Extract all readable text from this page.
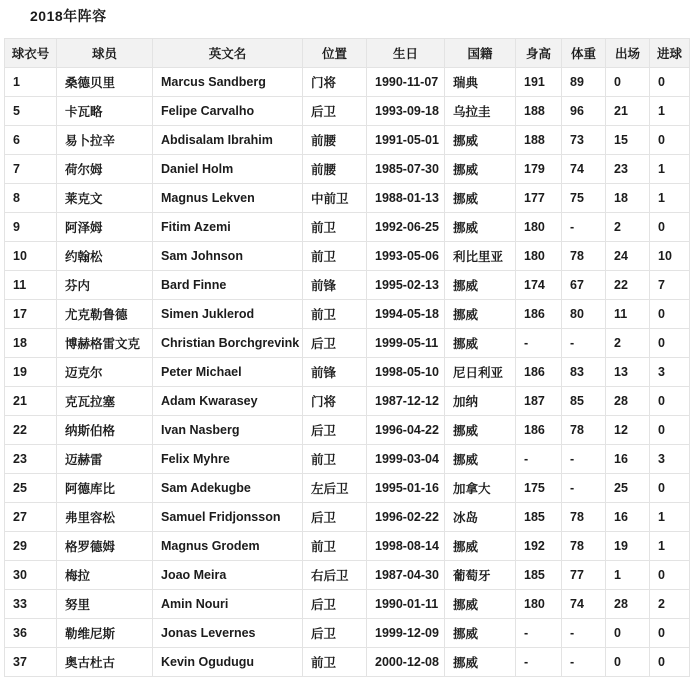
2018年阵容
球衣号	球员	英文名	位置	生日	国籍	身高	体重	出场	进球
1	桑德贝里	Marcus Sandberg	门将	1990-11-07	瑞典	191	89	0	0
5	卡瓦略	Felipe Carvalho	后卫	1993-09-18	乌拉圭	188	96	21	1
6	易卜拉辛	Abdisalam Ibrahim	前腰	1991-05-01	挪威	188	73	15	0
7	荷尔姆	Daniel Holm	前腰	1985-07-30	挪威	179	74	23	1
8	莱克文	Magnus Lekven	中前卫	1988-01-13	挪威	177	75	18	1
9	阿泽姆	Fitim Azemi	前卫	1992-06-25	挪威	180	-	2	0
10	约翰松	Sam Johnson	前卫	1993-05-06	利比里亚	180	78	24	10
11	芬内	Bard Finne	前锋	1995-02-13	挪威	174	67	22	7
17	尤克勒鲁德	Simen Juklerod	前卫	1994-05-18	挪威	186	80	11	0
18	博赫格雷文克	Christian Borchgrevink	后卫	1999-05-11	挪威	-	-	2	0
19	迈克尔	Peter Michael	前锋	1998-05-10	尼日利亚	186	83	13	3
21	克瓦拉塞	Adam Kwarasey	门将	1987-12-12	加纳	187	85	28	0
22	纳斯伯格	Ivan Nasberg	后卫	1996-04-22	挪威	186	78	12	0
23	迈赫雷	Felix Myhre	前卫	1999-03-04	挪威	-	-	16	3
25	阿德库比	Sam Adekugbe	左后卫	1995-01-16	加拿大	175	-	25	0
27	弗里容松	Samuel Fridjonsson	后卫	1996-02-22	冰岛	185	78	16	1
29	格罗德姆	Magnus Grodem	前卫	1998-08-14	挪威	192	78	19	1
30	梅拉	Joao Meira	右后卫	1987-04-30	葡萄牙	185	77	1	0
33	努里	Amin Nouri	后卫	1990-01-11	挪威	180	74	28	2
36	勒维尼斯	Jonas Levernes	后卫	1999-12-09	挪威	-	-	0	0
37	奥古杜古	Kevin Ogudugu	前卫	2000-12-08	挪威	-	-	0	0
